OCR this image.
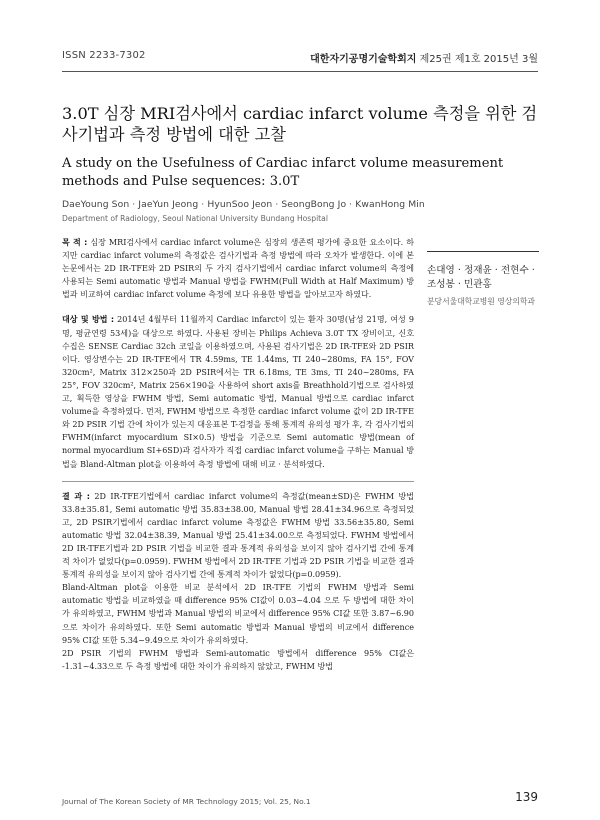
ISSN 2233-7302	대한자기공명기술학회지 제25권 제1호 2015년 3월
3.0T 심장 MRI검사에서 cardiac infarct volume 측정을 위한 검사기법과 측정 방법에 대한 고찰
A study on the Usefulness of Cardiac infarct volume measurement methods and Pulse sequences: 3.0T
DaeYoung Son · JaeYun Jeong · HyunSoo Jeon · SeongBong Jo · KwanHong Min
Department of Radiology, Seoul National University Bundang Hospital

목 적 : 심장 MRI검사에서 cardiac infarct volume은 심장의 생존력 평가에 중요한 요소이다. 하지만 cardiac infarct volume의 측정값은 검사기법과 측정 방법에 따라 오차가 발생한다. 이에 본 논문에서는 2D IR-TFE와 2D PSIR의 두 가지 검사기법에서 cardiac infarct volume의 측정에 사용되는 Semi automatic 방법과 Manual 방법을 FWHM(Full Width at Half Maximum) 방법과 비교하여 cardiac infarct volume 측정에 보다 유용한 방법을 알아보고자 하였다.

대상 및 방법 : 2014년 4월부터 11월까지 Cardiac infarct이 있는 환자 30명(남성 21명, 여성 9명, 평균연령 53세)을 대상으로 하였다. 사용된 장비는 Philips Achieva 3.0T TX 장비이고, 신호 수집은 SENSE Cardiac 32ch 코일을 이용하였으며, 사용된 검사기법은 2D IR-TFE와 2D PSIR이다. 영상변수는 2D IR-TFE에서 TR 4.59ms, TE 1.44ms, TI 240~280ms, FA 15°, FOV 320cm², Matrix 312×250과 2D PSIR에서는 TR 6.18ms, TE 3ms, TI 240~280ms, FA 25°, FOV 320cm², Matrix 256×190을 사용하여 short axis를 Breathhold기법으로 검사하였고, 획득한 영상을 FWHM 방법, Semi automatic 방법, Manual 방법으로 cardiac infarct volume을 측정하였다. 먼저, FWHM 방법으로 측정한 cardiac infarct volume 값이 2D IR-TFE와 2D PSIR 기법 간에 차이가 있는지 대응표본 T-검정을 통해 통계적 유의성 평가 후, 각 검사기법의 FWHM(infarct myocardium SI×0.5) 방법을 기준으로 Semi automatic 방법(mean of normal myocardium SI+6SD)과 검사자가 직접 cardiac infarct volume을 구하는 Manual 방법을 Bland-Altman plot을 이용하여 측정 방법에 대해 비교 · 분석하였다.

결 과 : 2D IR-TFE기법에서 cardiac infarct volume의 측정값(mean±SD)은 FWHM 방법 33.8±35.81, Semi automatic 방법 35.83±38.00, Manual 방법 28.41±34.96으로 측정되었고, 2D PSIR기법에서 cardiac infarct volume 측정값은 FWHM 방법 33.56±35.80, Semi automatic 방법 32.04±38.39, Manual 방법 25.41±34.00으로 측정되었다. FWHM 방법에서 2D IR-TFE기법과 2D PSIR 기법을 비교한 결과 통계적 유의성을 보이지 않아 검사기법 간에 통계적 차이가 없었다(p=0.0959). FWHM 방법에서 2D IR-TFE 기법과 2D PSIR 기법을 비교한 결과 통계적 유의성을 보이지 않아 검사기법 간에 통계적 차이가 없었다(p=0.0959).

Bland-Altman plot을 이용한 비교 분석에서 2D IR-TFE 기법의 FWHM 방법과 Semi automatic 방법을 비교하였을 때 difference 95% CI값이 0.03~4.04 으로 두 방법에 대한 차이가 유의하였고, FWHM 방법과 Manual 방법의 비교에서 difference 95% CI값 또한 3.87~6.90으로 차이가 유의하였다. 또한 Semi automatic 방법과 Manual 방법의 비교에서 difference 95% CI값 또한 5.34~9.49으로 차이가 유의하였다.

2D PSIR 기법의 FWHM 방법과 Semi-automatic 방법에서 difference 95% CI값은 -1.31~4.33으로 두 측정 방법에 대한 차이가 유의하지 않았고, FWHM 방법

손대영 · 정재윤 · 전현수 · 조성봉 · 민관홍
분당서울대학교병원 영상의학과
Journal of The Korean Society of MR Technology 2015; Vol. 25, No.1	139
